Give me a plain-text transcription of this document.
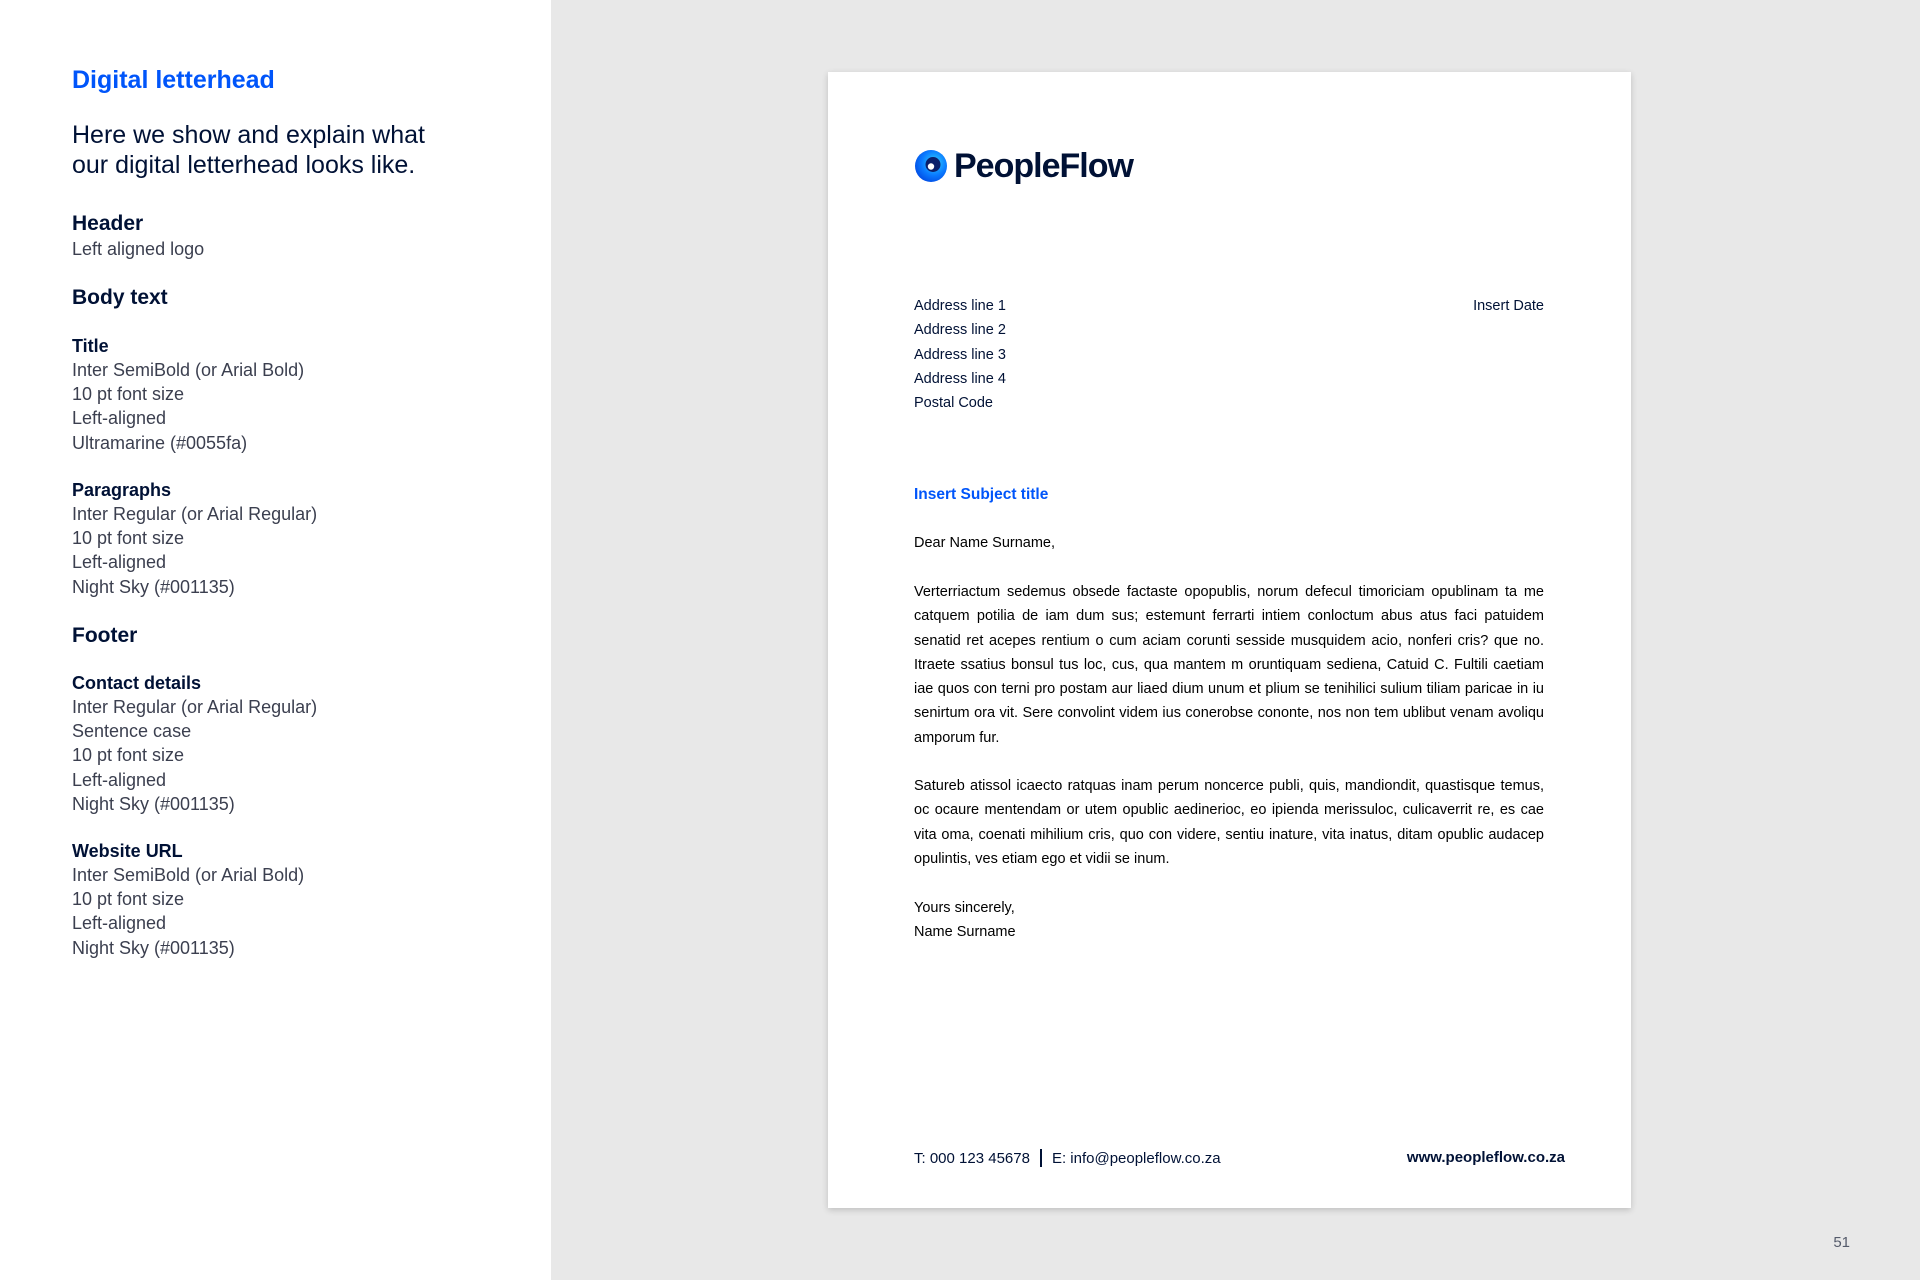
Digital letterhead
Here we show and explain what
our digital letterhead looks like.
Header
Left aligned logo
Body text
Title
Inter SemiBold (or Arial Bold)
10 pt font size
Left-aligned
Ultramarine (#0055fa)
Paragraphs
Inter Regular (or Arial Regular)
10 pt font size
Left-aligned
Night Sky (#001135)
Footer
Contact details
Inter Regular (or Arial Regular)
Sentence case
10 pt font size
Left-aligned
Night Sky (#001135)
Website URL
Inter SemiBold (or Arial Bold)
10 pt font size
Left-aligned
Night Sky (#001135)
PeopleFlow
Address line 1
Address line 2
Address line 3
Address line 4
Postal Code
Insert Date
Insert Subject title
Dear Name Surname,
Verterriactum sedemus obsede factaste opopublis, norum defecul timoriciam opublinam ta me catquem potilia de iam dum sus; estemunt ferrarti intiem conloctum abus atus faci patuidem senatid ret acepes rentium o cum aciam corunti sesside musquidem acio, nonferi cris? que no. Itraete ssatius bonsul tus loc, cus, qua mantem m oruntiquam sediena, Catuid C. Fultili caetiam iae quos con terni pro postam aur liaed dium unum et plium se tenihilici sulium tiliam paricae in iu senirtum ora vit. Sere convolint videm ius conerobse cononte, nos non tem ublibut venam avoliqu amporum fur.
Satureb atissol icaecto ratquas inam perum noncerce publi, quis, mandiondit, quastisque temus, oc ocaure mentendam or utem opublic aedinerioc, eo ipienda merissuloc, culicaverrit re, es cae vita oma, coenati mihilium cris, quo con videre, sentiu inature, vita inatus, ditam opublic audacep opulintis, ves etiam ego et vidii se inum.
Yours sincerely,
Name Surname
T: 000 123 45678 E: info@peopleflow.co.za	www.peopleflow.co.za
51
